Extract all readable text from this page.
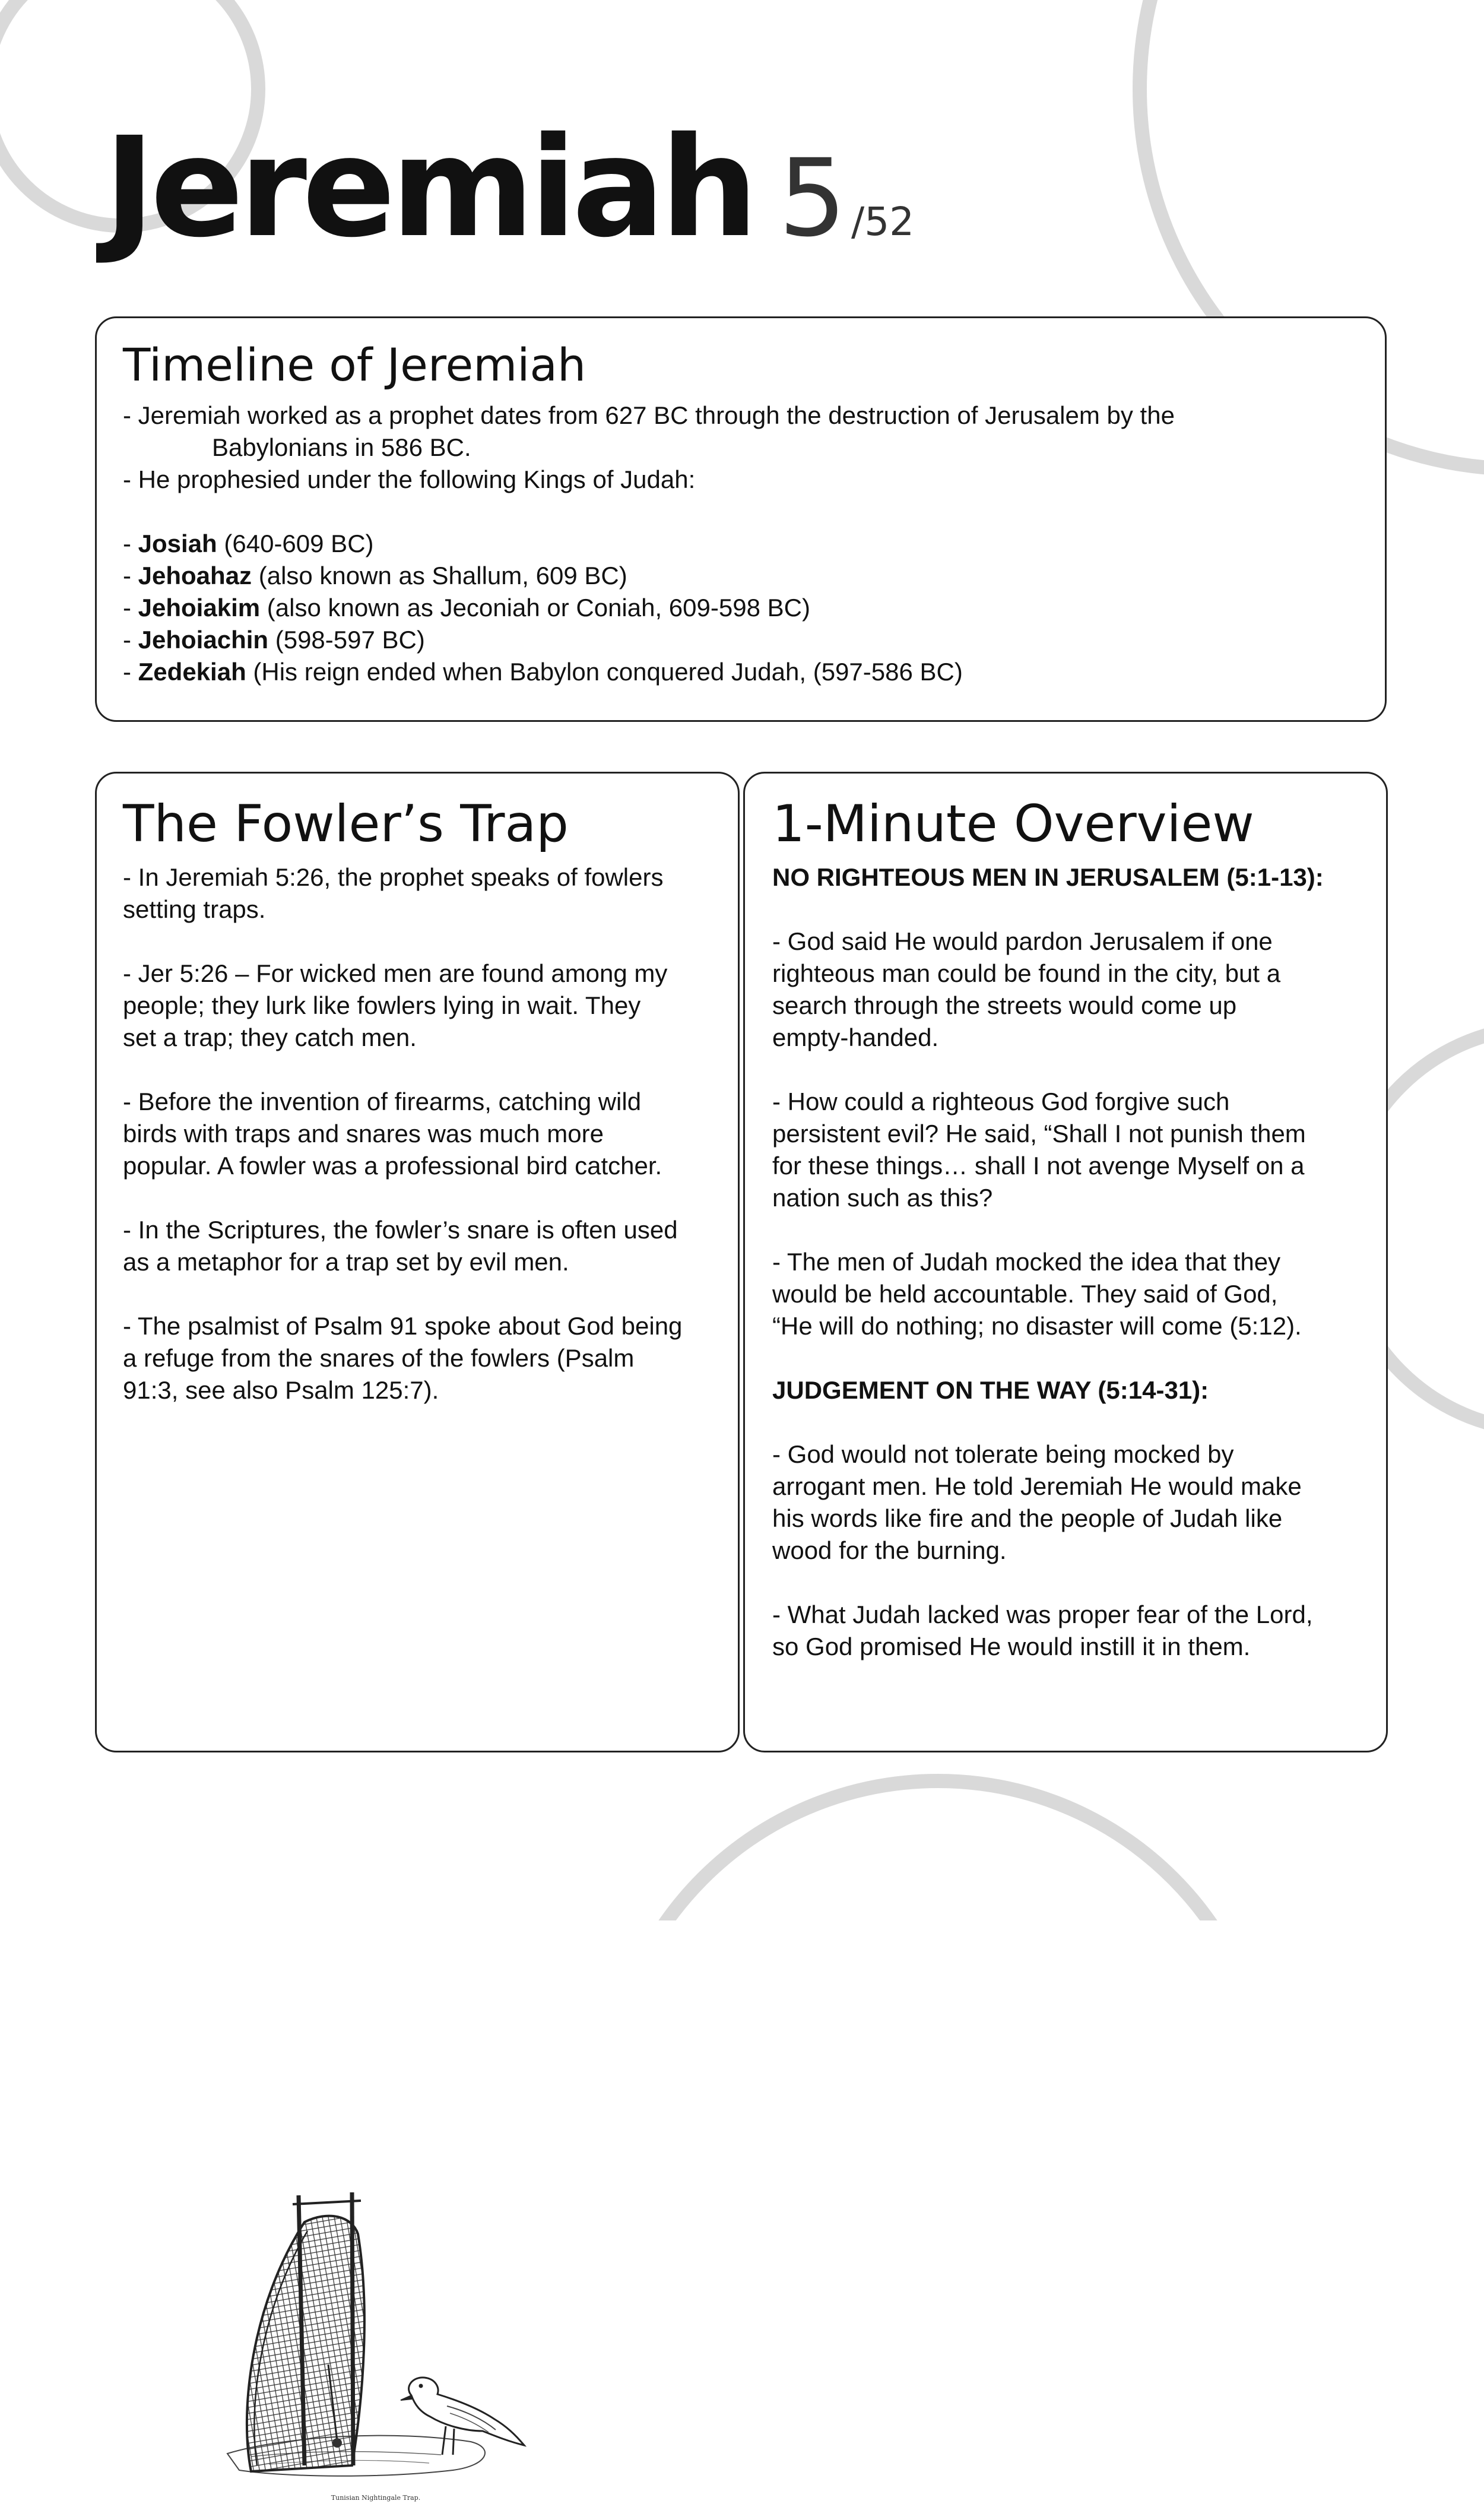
Jeremiah 5 /52
Timeline of Jeremiah

- Jeremiah worked as a prophet dates from 627 BC through the destruction of Jerusalem by the

Babylonians in 586 BC.

- He prophesied under the following Kings of Judah:

- Josiah (640-609 BC)

- Jehoahaz (also known as Shallum, 609 BC)

- Jehoiakim (also known as Jeconiah or Coniah, 609-598 BC)

- Jehoiachin (598-597 BC)

- Zedekiah (His reign ended when Babylon conquered Judah, (597-586 BC)

The Fowler’s Trap

- In Jeremiah 5:26, the prophet speaks of fowlers

setting traps.

- Jer 5:26 – For wicked men are found among my

people; they lurk like fowlers lying in wait. They

set a trap; they catch men.

- Before the invention of firearms, catching wild

birds with traps and snares was much more

popular. A fowler was a professional bird catcher.

- In the Scriptures, the fowler’s snare is often used

as a metaphor for a trap set by evil men.

- The psalmist of Psalm 91 spoke about God being

a refuge from the snares of the fowlers (Psalm

91:3, see also Psalm 125:7).

Tunisian Nightingale Trap.
1-Minute Overview

NO RIGHTEOUS MEN IN JERUSALEM (5:1-13):

- God said He would pardon Jerusalem if one

righteous man could be found in the city, but a

search through the streets would come up

empty-handed.

- How could a righteous God forgive such

persistent evil? He said, “Shall I not punish them

for these things… shall I not avenge Myself on a

nation such as this?

- The men of Judah mocked the idea that they

would be held accountable. They said of God,

“He will do nothing; no disaster will come (5:12).

JUDGEMENT ON THE WAY (5:14-31):

- God would not tolerate being mocked by

arrogant men. He told Jeremiah He would make

his words like fire and the people of Judah like

wood for the burning.

- What Judah lacked was proper fear of the Lord,

so God promised He would instill it in them.
